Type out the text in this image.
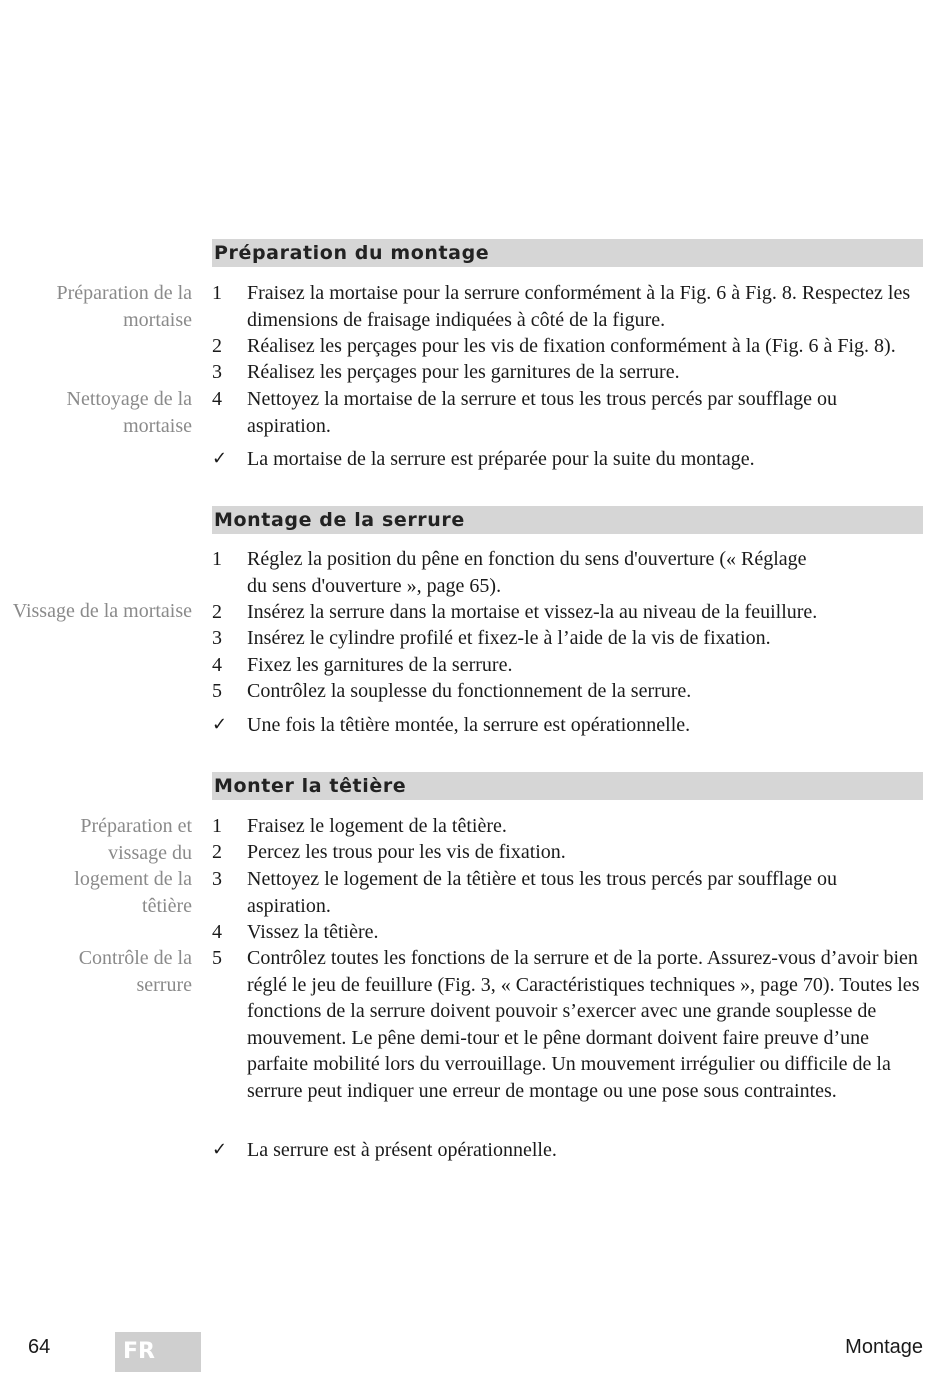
Préparation du montage
Préparation de la mortaise
Nettoyage de la mortaise
1	Fraisez la mortaise pour la serrure conformément à la Fig. 6 à Fig. 8. Respectez les dimensions de fraisage indiquées à côté de la figure.
2	Réalisez les perçages pour les vis de fixation conformément à la (Fig. 6 à Fig. 8).
3	Réalisez les perçages pour les garnitures de la serrure.
4	Nettoyez la mortaise de la serrure et tous les trous percés par soufflage ou aspiration.
✓ La mortaise de la serrure est préparée pour la suite du montage.
Montage de la serrure
Vissage de la mortaise
1	Réglez la position du pêne en fonction du sens d'ouverture (« Réglage du sens d'ouverture », page 65).
2	Insérez la serrure dans la mortaise et vissez-la au niveau de la feuillure.
3	Insérez le cylindre profilé et fixez-le à l’aide de la vis de fixation.
4	Fixez les garnitures de la serrure.
5	Contrôlez la souplesse du fonctionnement de la serrure.
✓ Une fois la têtière montée, la serrure est opérationnelle.
Monter la têtière
Préparation et vissage du logement de la têtière
Contrôle de la serrure
1	Fraisez le logement de la têtière.
2	Percez les trous pour les vis de fixation.
3	Nettoyez le logement de la têtière et tous les trous percés par soufflage ou aspiration.
4	Vissez la têtière.
5	Contrôlez toutes les fonctions de la serrure et de la porte. Assurez-vous d’avoir bien réglé le jeu de feuillure (Fig. 3, « Caractéristiques techniques », page 70). Toutes les fonctions de la serrure doivent pouvoir s’exercer avec une grande souplesse de mouvement. Le pêne demi-tour et le pêne dormant doivent faire preuve d’une parfaite mobilité lors du verrouillage. Un mouvement irrégulier ou difficile de la serrure peut indiquer une erreur de montage ou une pose sous contraintes.
✓ La serrure est à présent opérationnelle.
64	FR	Montage
